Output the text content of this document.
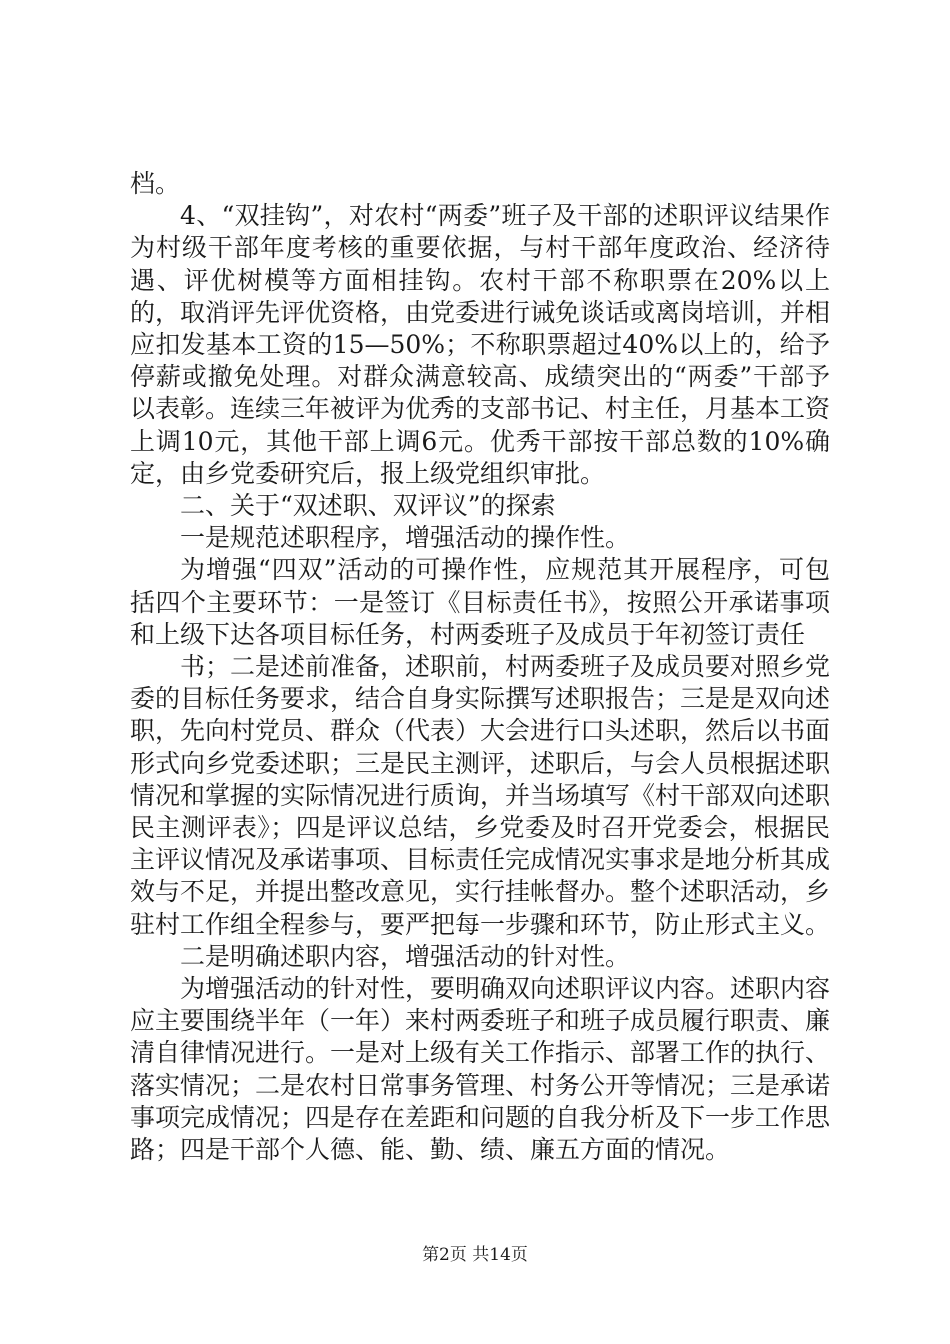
档。

4、“双挂钩”，对农村“两委”班子及干部的述职评议结果作为村级干部年度考核的重要依据，与村干部年度政治、经济待遇、评优树模等方面相挂钩。农村干部不称职票在20%以上的，取消评先评优资格，由党委进行诫免谈话或离岗培训，并相应扣发基本工资的15—50%；不称职票超过40%以上的，给予停薪或撤免处理。对群众满意较高、成绩突出的“两委”干部予以表彰。连续三年被评为优秀的支部书记、村主任，月基本工资上调10元，其他干部上调6元。优秀干部按干部总数的10%确定，由乡党委研究后，报上级党组织审批。

二、关于“双述职、双评议”的探索

一是规范述职程序，增强活动的操作性。

为增强“四双”活动的可操作性，应规范其开展程序，可包括四个主要环节：一是签订《目标责任书》，按照公开承诺事项和上级下达各项目标任务，村两委班子及成员于年初签订责任

书；二是述前准备，述职前，村两委班子及成员要对照乡党委的目标任务要求，结合自身实际撰写述职报告；三是是双向述职，先向村党员、群众（代表）大会进行口头述职，然后以书面形式向乡党委述职；三是民主测评，述职后，与会人员根据述职情况和掌握的实际情况进行质询，并当场填写《村干部双向述职民主测评表》；四是评议总结，乡党委及时召开党委会，根据民主评议情况及承诺事项、目标责任完成情况实事求是地分析其成效与不足，并提出整改意见，实行挂帐督办。整个述职活动，乡驻村工作组全程参与，要严把每一步骤和环节，防止形式主义。

二是明确述职内容，增强活动的针对性。

为增强活动的针对性，要明确双向述职评议内容。述职内容应主要围绕半年（一年）来村两委班子和班子成员履行职责、廉清自律情况进行。一是对上级有关工作指示、部署工作的执行、落实情况；二是农村日常事务管理、村务公开等情况；三是承诺事项完成情况；四是存在差距和问题的自我分析及下一步工作思路；四是干部个人德、能、勤、绩、廉五方面的情况。

第2页 共14页
